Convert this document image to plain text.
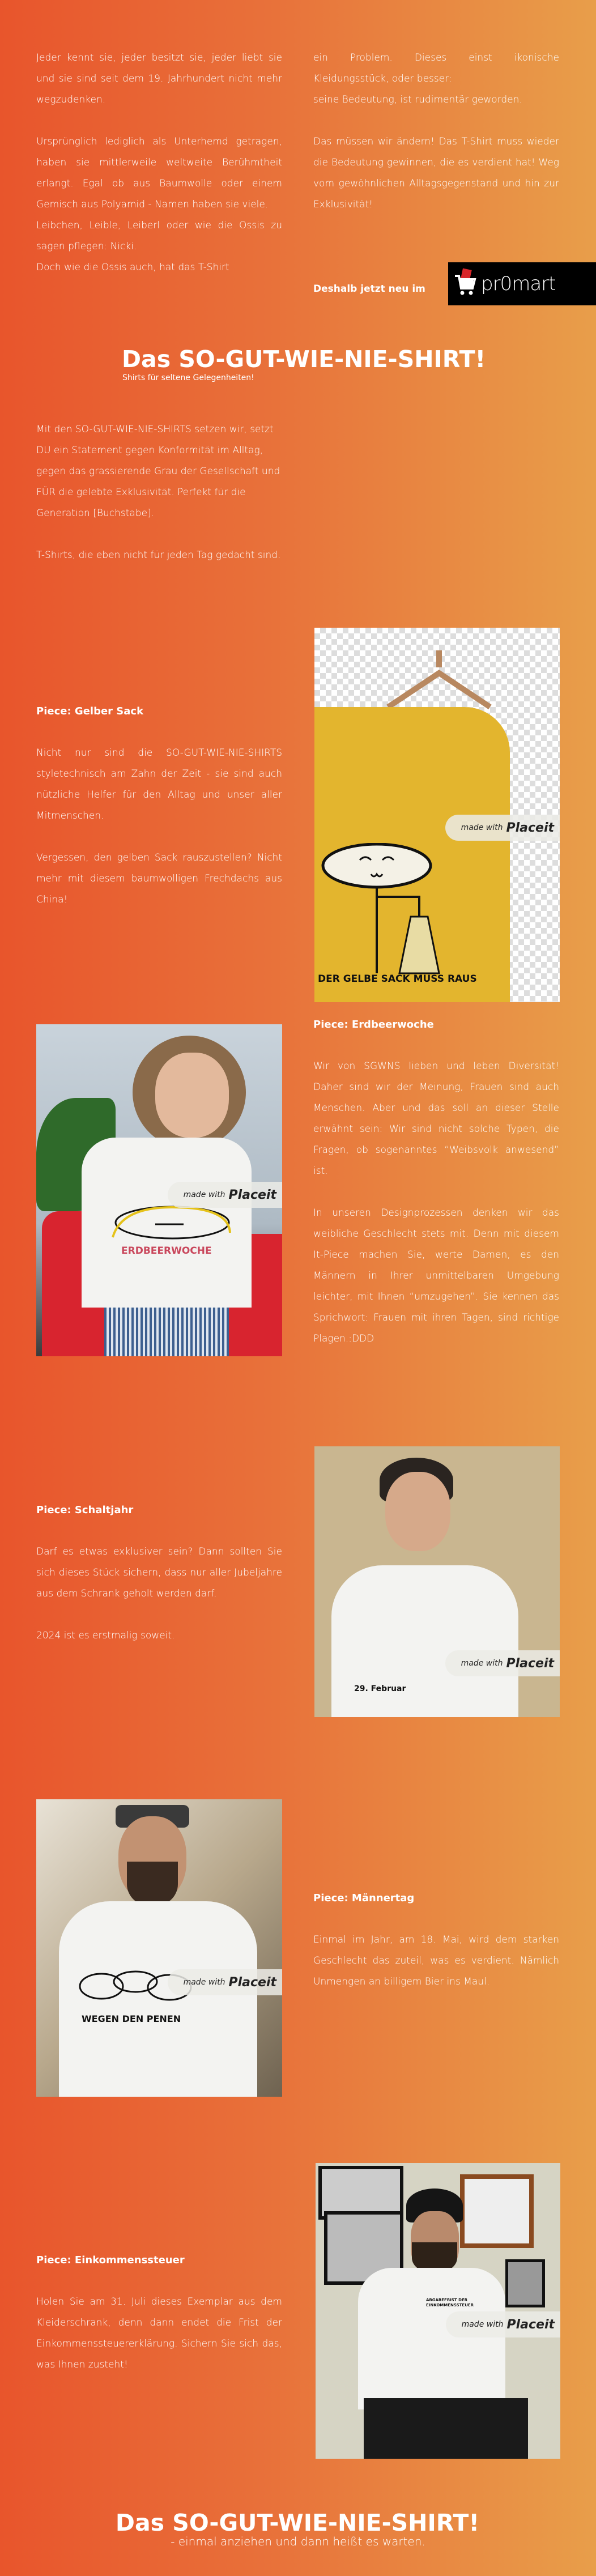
Jeder kennt sie, jeder besitzt sie, jeder liebt sie und sie sind seit dem 19. Jahrhundert nicht mehr wegzudenken.

Ursprünglich lediglich als Unterhemd getragen, haben sie mittlerweile weltweite Berühmtheit erlangt. Egal ob aus Baumwolle oder einem Gemisch aus Polyamid - Namen haben sie viele.

Leibchen, Leible, Leiberl oder wie die Ossis zu sagen pflegen: Nicki.

Doch wie die Ossis auch, hat das T-Shirt

ein Problem. Dieses einst ikonische Kleidungsstück, oder besser:

seine Bedeutung, ist rudimentär geworden.

Das müssen wir ändern! Das T-Shirt muss wieder die Bedeutung gewinnen, die es verdient hat! Weg vom gewöhnlichen Alltagsgegenstand und hin zur Exklusivität!

Deshalb jetzt neu im	pr0mart
Das SO-GUT-WIE-NIE-SHIRT!
Shirts für seltene Gelegenheiten!

Mit den SO-GUT-WIE-NIE-SHIRTS setzen wir, setzt DU ein Statement gegen Konformität im Alltag, gegen das grassierende Grau der Gesellschaft und FÜR die gelebte Exklusivität. Perfekt für die Generation [Buchstabe].

T-Shirts, die eben nicht für jeden Tag gedacht sind.

Piece: Gelber Sack

Nicht nur sind die SO-GUT-WIE-NIE-SHIRTS styletechnisch am Zahn der Zeit - sie sind auch nützliche Helfer für den Alltag und unser aller Mitmenschen.

Vergessen, den gelben Sack rauszustellen? Nicht mehr mit diesem baumwolligen Frechdachs aus China!

DER GELBE SACK MUSS RAUS
made with Placeit
ERDBEERWOCHE
made with Placeit
Piece: Erdbeerwoche

Wir von SGWNS lieben und leben Diversität! Daher sind wir der Meinung, Frauen sind auch Menschen. Aber und das soll an dieser Stelle erwähnt sein: Wir sind nicht solche Typen, die Fragen, ob sogenanntes “Weibsvolk anwesend” ist.

In unseren Designprozessen denken wir das weibliche Geschlecht stets mit. Denn mit diesem It-Piece machen Sie, werte Damen, es den Männern in Ihrer unmittelbaren Umgebung leichter, mit Ihnen “umzugehen”. Sie kennen das Sprichwort: Frauen mit ihren Tagen, sind richtige Plagen.:DDD

Piece: Schaltjahr

Darf es etwas exklusiver sein? Dann sollten Sie sich dieses Stück sichern, dass nur aller Jubeljahre aus dem Schrank geholt werden darf.

2024 ist es erstmalig soweit.

29. Februar
made with Placeit
WEGEN DEN PENEN
made with Placeit
Piece: Männertag

Einmal im Jahr, am 18. Mai, wird dem starken Geschlecht das zuteil, was es verdient. Nämlich Unmengen an billigem Bier ins Maul.

Piece: Einkommenssteuer

Holen Sie am 31. Juli dieses Exemplar aus dem Kleiderschrank, denn dann endet die Frist der Einkommenssteuererklärung. Sichern Sie sich das, was Ihnen zusteht!

ABGABEFRIST DER EINKOMMENSSTEUER
made with Placeit
Das SO-GUT-WIE-NIE-SHIRT!
- einmal anziehen und dann heißt es warten.
